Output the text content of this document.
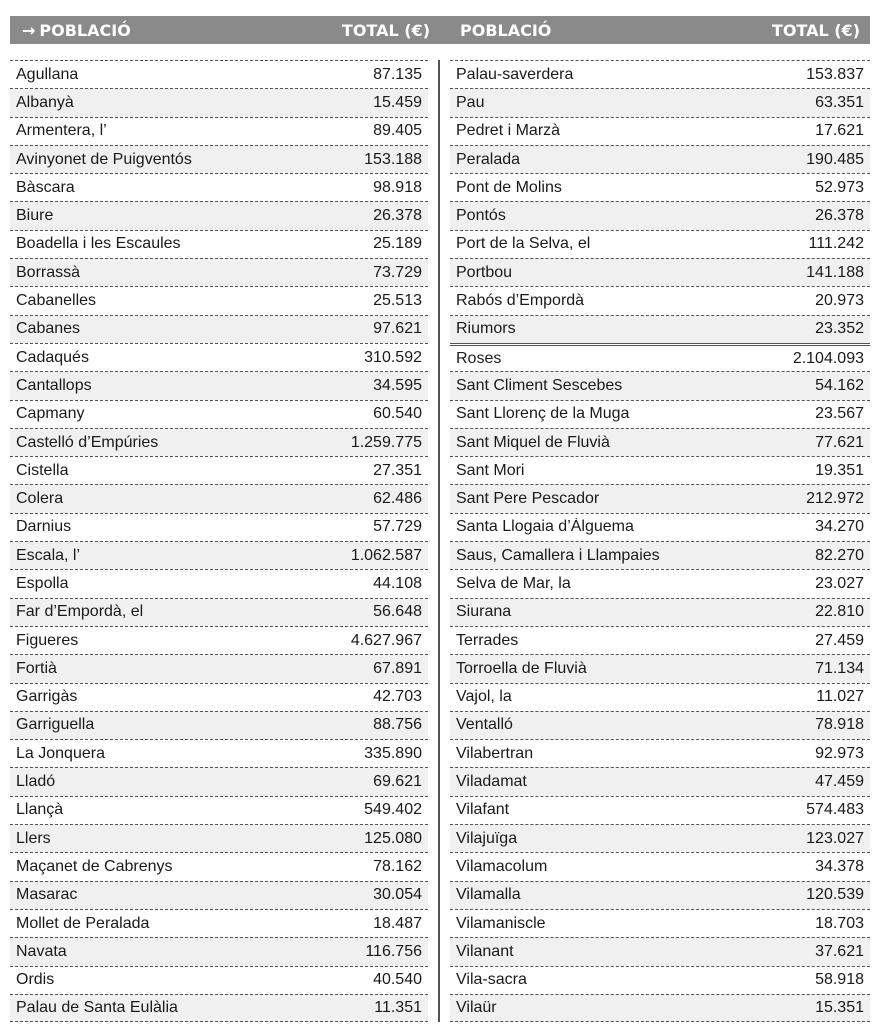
→ POBLACIÓ	TOTAL (€) POBLACIÓ	TOTAL (€)
Agullana	87.135
Albanyà	15.459
Armentera, l’	89.405
Avinyonet de Puigventós	153.188
Bàscara	98.918
Biure	26.378
Boadella i les Escaules	25.189
Borrassà	73.729
Cabanelles	25.513
Cabanes	97.621
Cadaqués	310.592
Cantallops	34.595
Capmany	60.540
Castelló d’Empúries	1.259.775
Cistella	27.351
Colera	62.486
Darnius	57.729
Escala, l’	1.062.587
Espolla	44.108
Far d’Empordà, el	56.648
Figueres	4.627.967
Fortià	67.891
Garrigàs	42.703
Garriguella	88.756
La Jonquera	335.890
Lladó	69.621
Llançà	549.402
Llers	125.080
Maçanet de Cabrenys	78.162
Masarac	30.054
Mollet de Peralada	18.487
Navata	116.756
Ordis	40.540
Palau de Santa Eulàlia	11.351
Palau-saverdera	153.837
Pau	63.351
Pedret i Marzà	17.621
Peralada	190.485
Pont de Molins	52.973
Pontós	26.378
Port de la Selva, el	111.242
Portbou	141.188
Rabós d’Empordà	20.973
Riumors	23.352
Roses	2.104.093
Sant Climent Sescebes	54.162
Sant Llorenç de la Muga	23.567
Sant Miquel de Fluvià	77.621
Sant Mori	19.351
Sant Pere Pescador	212.972
Santa Llogaia d’Àlguema	34.270
Saus, Camallera i Llampaies	82.270
Selva de Mar, la	23.027
Siurana	22.810
Terrades	27.459
Torroella de Fluvià	71.134
Vajol, la	11.027
Ventalló	78.918
Vilabertran	92.973
Viladamat	47.459
Vilafant	574.483
Vilajuïga	123.027
Vilamacolum	34.378
Vilamalla	120.539
Vilamaniscle	18.703
Vilanant	37.621
Vila-sacra	58.918
Vilaür	15.351
